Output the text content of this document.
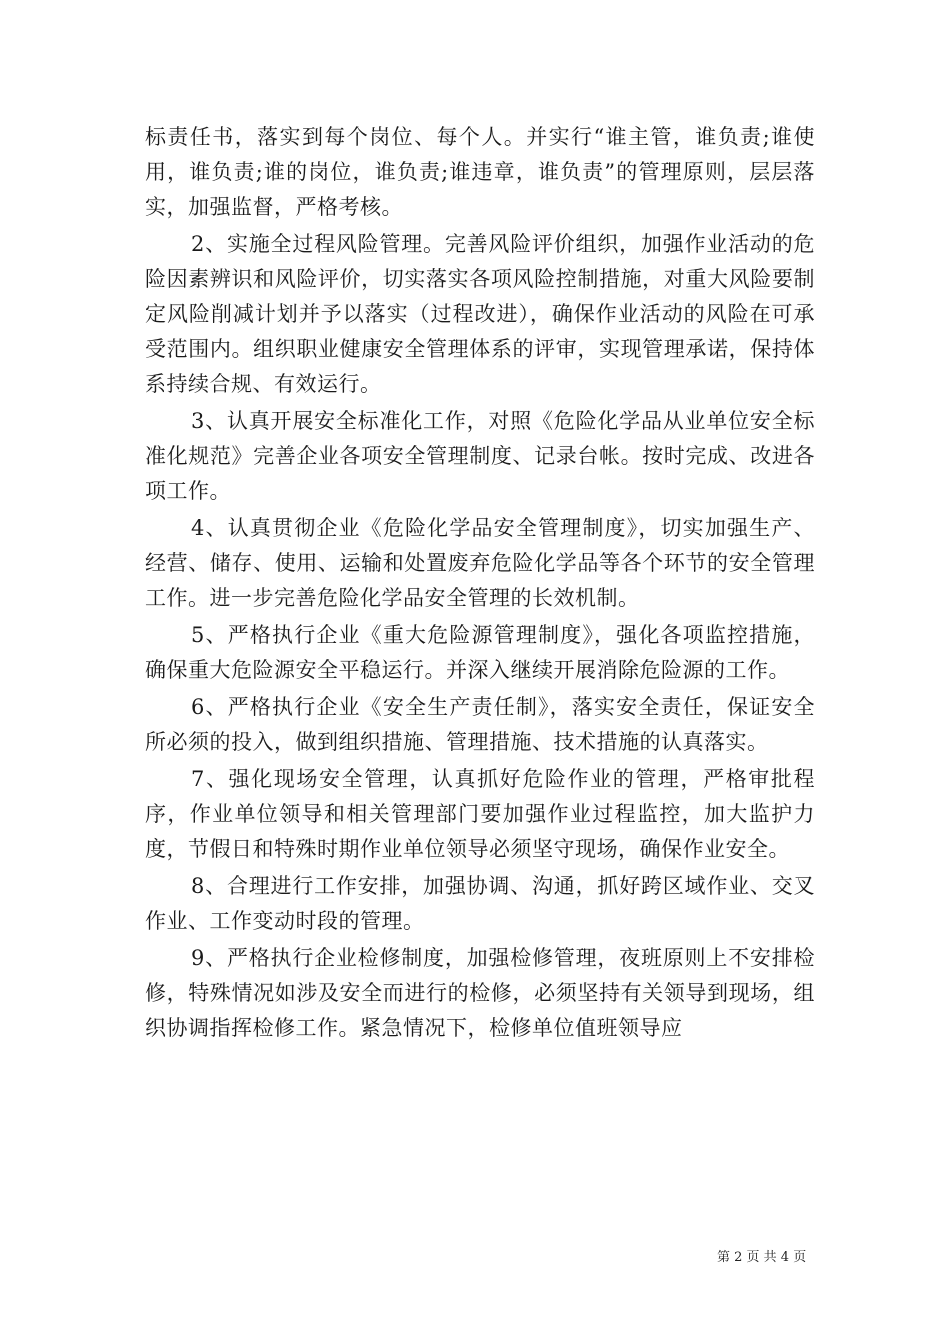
标责任书，落实到每个岗位、每个人。并实行“谁主管，谁负责;谁使用，谁负责;谁的岗位，谁负责;谁违章，谁负责”的管理原则，层层落实，加强监督，严格考核。

2、实施全过程风险管理。完善风险评价组织，加强作业活动的危险因素辨识和风险评价，切实落实各项风险控制措施，对重大风险要制定风险削减计划并予以落实（过程改进），确保作业活动的风险在可承受范围内。组织职业健康安全管理体系的评审，实现管理承诺，保持体系持续合规、有效运行。

3、认真开展安全标准化工作，对照《危险化学品从业单位安全标准化规范》完善企业各项安全管理制度、记录台帐。按时完成、改进各项工作。

4、认真贯彻企业《危险化学品安全管理制度》，切实加强生产、经营、储存、使用、运输和处置废弃危险化学品等各个环节的安全管理工作。进一步完善危险化学品安全管理的长效机制。

5、严格执行企业《重大危险源管理制度》，强化各项监控措施，确保重大危险源安全平稳运行。并深入继续开展消除危险源的工作。

6、严格执行企业《安全生产责任制》，落实安全责任，保证安全所必须的投入，做到组织措施、管理措施、技术措施的认真落实。

7、强化现场安全管理，认真抓好危险作业的管理，严格审批程序，作业单位领导和相关管理部门要加强作业过程监控，加大监护力度，节假日和特殊时期作业单位领导必须坚守现场，确保作业安全。

8、合理进行工作安排，加强协调、沟通，抓好跨区域作业、交叉作业、工作变动时段的管理。

9、严格执行企业检修制度，加强检修管理，夜班原则上不安排检修，特殊情况如涉及安全而进行的检修，必须坚持有关领导到现场，组织协调指挥检修工作。紧急情况下，检修单位值班领导应

第 2 页 共 4 页
